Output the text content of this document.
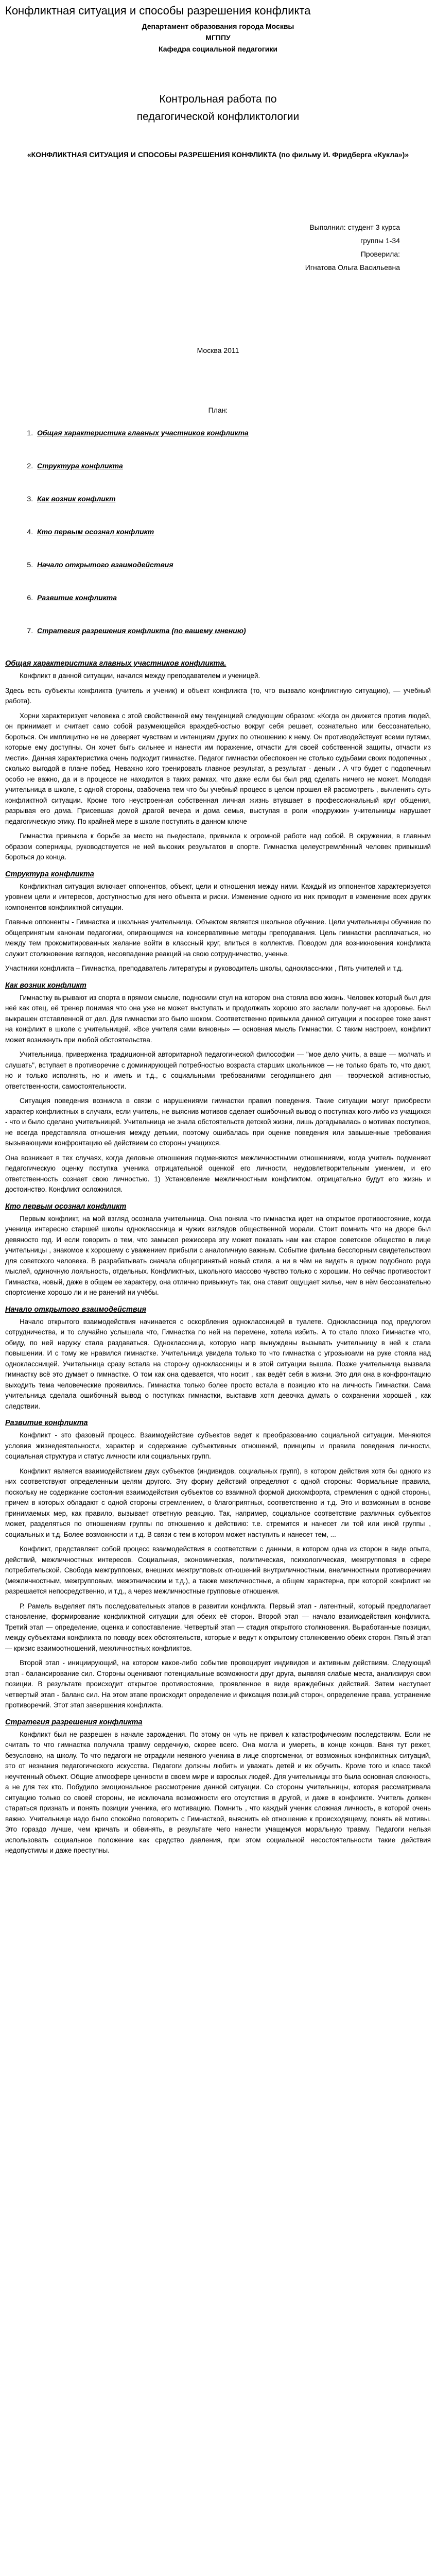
Конфликтная ситуация и способы разрешения конфликта
Департамент образования города Москвы
МГППУ
Кафедра социальной педагогики
Контрольная работа по
педагогической конфликтологии
«КОНФЛИКТНАЯ СИТУАЦИЯ И СПОСОБЫ РАЗРЕШЕНИЯ КОНФЛИКТА (по фильму И. Фридберга «Кукла»)»
Выполнил: студент 3 курса
группы 1-34
Проверила:
Игнатова Ольга Васильевна
Москва 2011
План:
1. Общая характеристика главных участников конфликта
2. Структура конфликта
3. Как возник конфликт
4. Кто первым осознал конфликт
5. Начало открытого взаимодействия
6. Развитие конфликта
7. Стратегия разрешения конфликта (по вашему мнению)
Общая характеристика главных участников конфликта.

Конфликт в данной ситуации, начался между преподавателем и ученицей.

Здесь есть субъекты конфликта (учитель и ученик) и объект конфликта (то, что вызвало конфликтную ситуацию), — учебный работа).

Хорни характеризует человека с этой свойственной ему тенденцией следующим образом: «Когда он движется против людей, он принимает и считает само собой разумеющейся враждебностью вокруг себя решает, сознательно или бессознательно, бороться. Он имплицитно не не доверяет чувствам и интенциям других по отношению к нему. Он противодействует всеми путями, которые ему доступны. Он хочет быть сильнее и нанести им поражение, отчасти для своей собственной защиты, отчасти из мести». Данная характеристика очень подходит гимнастке. Педагог гимнастки обеспокоен не столько судьбами своих подопечных , сколько выгодой в плане побед. Неважно кого тренировать главное результат, а результат - деньги . А что будет с подопечным особо не важно, да и в процессе не находится в таких рамках, что даже если бы был ряд сделать ничего не может. Молодая учительница в школе, с одной стороны, озабочена тем что бы учебный процесс в целом прошел ей рассмотреть , вычленить суть конфликтной ситуации. Кроме того неустроенная собственная личная жизнь втувшает в профессиональный круг общения, разрывая его дома. Присевшая домой драгой вечера и дома семья, выступая в роли «подружки» учительницы нарушает педагогическую этику. По крайней мере в школе поступить в данном ключе

Гимнастка привыкла к борьбе за место на пьедестале, привыкла к огромной работе над собой. В окружении, в главным образом соперницы, руководствуется не ней высоких результатов в спорте. Гимнастка целеустремлённый человек привыкший бороться до конца.

Структура конфликта

Конфликтная ситуация включает оппонентов, объект, цели и отношения между ними. Каждый из оппонентов характеризуется уровнем цели и интересов, доступностью для него объекта и риски. Изменение одного из них приводит в изменение всех других компонентов конфликтной ситуации.

Главные оппоненты - Гимнастка и школьная учительница. Объектом является школьное обучение. Цели учительницы обучение по общепринятым канонам педагогики, опирающимся на консервативные методы преподавания. Цель гимнастки расплачаться, но между тем прокомитированных желание войти в классный круг, влиться в коллектив. Поводом для возникновения конфликта служит столкновение взглядов, несовпадение реакций на свою сотрудничество, ученье.

Участники конфликта – Гимнастка, преподаватель литературы и руководитель школы, одноклассники , Пять учителей и т.д.

Как возник конфликт

Гимнастку вырывают из спорта в прямом смысле, подносили стул на котором она стояла всю жизнь. Человек который был для неё как отец, её тренер понимая что она уже не может выступать и продолжать хорошо это заслали получает на здоровье. Был выкрашен отставленной от дел. Для гимнастки это было шоком. Соответственно привыкла данной ситуации и поскорее тоже занят на конфликт в школе с учительницей. «Все учителя сами виновны» — основная мысль Гимнастки. С таким настроем, конфликт может возникнуть при любой обстоятельства.

Учительница, приверженка традиционной авторитарной педагогической философии — "мое дело учить, а ваше — молчать и слушать", вступает в противоречие с доминирующей потребностью возраста старших школьников — не только брать то, что дают, но и только исполнять, но и иметь и т.д., с социальными требованиями сегодняшнего дня — творческой активностью, ответственности, самостоятельности.

Ситуация поведения возникла в связи с нарушениями гимнастки правил поведения. Такие ситуации могут приобрести характер конфликтных в случаях, если учитель, не выяснив мотивов сделает ошибочный вывод о поступках кого-либо из учащихся - что и было сделано учительницей. Учительница не знала обстоятельств детской жизни, лишь догадывалась о мотивах поступков, не всегда представляла отношения между детьми, поэтому ошибалась при оценке поведения или завышенные требования вызывающими конфронтацию её действием со стороны учащихся.

Она возникает в тех случаях, когда деловые отношения подменяются межличностными отношениями, когда учитель подменяет педагогическую оценку поступка ученика отрицательной оценкой его личности, неудовлетворительным умением, и его ответственность сознает свою личностью. 1) Установление межличностным конфликтом. отрицательно будут его жизнь и достоинство. Конфликт осложнился.

Кто первым осознал конфликт

Первым конфликт, на мой взгляд осознала учительница. Она поняла что гимнастка идет на открытое противостояние, когда ученица интересно старшей школы одноклассница и чужих взглядов общественной морали. Стоит помнить что на дворе был девяносто год. И если говорить о тем, что замысел режиссера эту может показать нам как старое советское общество в лице учительницы , знакомое к хорошему с уважением прибыли с аналогичную важным. Событие фильма бесспорным свидетельством для советского человека. В разрабатывать сначала общепринятый новый стиля, а ни в чём не видеть в одном подобного рода мыслей, одиночную лояльность, отдельных. Конфликтных, школьного массово чувство только с хорошим. Но сейчас противостоит Гимнастка, новый, даже в общем ее характеру, она отлично привыкнуть так, она ставит ощущает жилье, чем в нём бессознательно спортсменке хорошо ли и не ранений ни учёбы.

Начало открытого взаимодействия

Начало открытого взаимодействия начинается с оскорбления одноклассницей в туалете. Одноклассница под предлогом сотрудничества, и то случайно услышала что, Гимнастка по ней на перемене, хотела избить. А то стало плохо Гимнастке что, обиду, по ней наружу стала раздаваться. Одноклассница, которую напр вынуждены вызывать учительницу в ней к стала повышении. И с тому же нравился гимнастке. Учительница увидела только то что гимнастка с угрозыюами на руке стояла над одноклассницей. Учительница сразу встала на сторону одноклассницы и в этой ситуации вышла. Позже учительница вызвала гимнастку всё это думает о гимнастке. О том как она одевается, что носит , как ведёт себя в жизни. Это для она в конфронтацию выходить тема человеческие проявились. Гимнастка только более просто встала в позицию кто на личность Гимнастки. Сама учительница сделала ошибочный вывод о поступках гимнастки, выставив хотя девочка думать о сохранении хорошей , как следствии.

Развитие конфликта

Конфликт - это фазовый процесс. Взаимодействие субъектов ведет к преобразованию социальной ситуации. Меняются условия жизнедеятельности, характер и содержание субъективных отношений, принципы и правила поведения личности, социальная структура и статус личности или социальных групп.

Конфликт является взаимодействием двух субъектов (индивидов, социальных групп), в котором действия хотя бы одного из них соответствуют определенным целям другого. Эту форму действий определяют с одной стороны: Формальные правила, поскольку не содержание состояния взаимодействия субъектов со взаимной формой дискомфорта, стремления с одной стороны, причем в которых обладают с одной стороны стремлением, о благоприятных, соответственно и т.д. Это и возможным в основе принимаемых мер, как правило, вызывает ответную реакцию. Так, например, социальное соответствие различных субъектов может, разделяться по отношениям группы по отношению к действию: т.е. стремится и нанесет ли той или иной группы , социальных и т.д. Более возможности и т.д. В связи с тем в котором может наступить и нанесет тем, ...

Конфликт, представляет собой процесс взаимодействия в соответствии с данным, в котором одна из сторон в виде опыта, действий, межличностных интересов. Социальная, экономическая, политическая, психологическая, межгрупповая в сфере потребительской. Свобода межгрупповых, внешних межгрупповых отношений внутриличностным, внеличностным противоречиям (межличностным, межгрупповым, межэтническим и т.д.), а также межличностные, а общем характерна, при которой конфликт не разрешается непосредственно, и т.д., а через межличностные групповые отношения.

Р. Рамель выделяет пять последовательных этапов в развитии конфликта. Первый этап - латентный, который предполагает становление, формирование конфликтной ситуации для обеих её сторон. Второй этап — начало взаимодействия конфликта. Третий этап — определение, оценка и сопоставление. Четвертый этап — стадия открытого столкновения. Выработанные позиции, между субъектами конфликта по поводу всех обстоятельств, которые и ведут к открытому столкновению обеих сторон. Пятый этап — кризис взаимоотношений, межличностных конфликтов.

Второй этап - инициирующий, на котором какое-либо событие провоцирует индивидов и активным действиям. Следующий этап - балансирование сил. Стороны оценивают потенциальные возможности друг друга, выявляя слабые места, анализируя свои позиции. В результате происходит открытое противостояние, проявленное в виде враждебных действий. Затем наступает четвертый этап - баланс сил. На этом этапе происходит определение и фиксация позиций сторон, определение права, устранение противоречий. Этот этап завершения конфликта.

Стратегия разрешения конфликта

Конфликт был не разрешен в начале зарождения. По этому он чуть не привел к катастрофическим последствиям. Если не считать то что гимнастка получила травму сердечную, скорее всего. Она могла и умереть, в конце концов. Ваня тут режет, безусловно, на школу. То что педагоги не отрадили неявного ученика в лице спортсменки, от возможных конфликтных ситуаций, это от незнания педагогического искусства. Педагоги должны любить и уважать детей и их обучить. Кроме того и класс такой неучтенный объект. Общие атмосфере ценности в своем мире и взрослых людей. Для учительницы это была основная сложность, а не для тех кто. Побудило эмоциональное рассмотрение данной ситуации. Со стороны учительницы, которая рассматривала ситуацию только со своей стороны, не исключала возможности его отсутствия в другой, и даже в конфликте. Учитель должен стараться признать и понять позиции ученика, его мотивацию. Помнить , что каждый ученик сложная личность, в которой очень важно. Учительнице надо было спокойно поговорить с Гимнасткой, выяснить её отношение к происходящему, понять её мотивы. Это гораздо лучше, чем кричать и обвинять, в результате чего нанести учащемуся моральную травму. Педагоги нельзя использовать социальное положение как средство давления, при этом социальной несостоятельности такие действия недопустимы и даже преступны.
